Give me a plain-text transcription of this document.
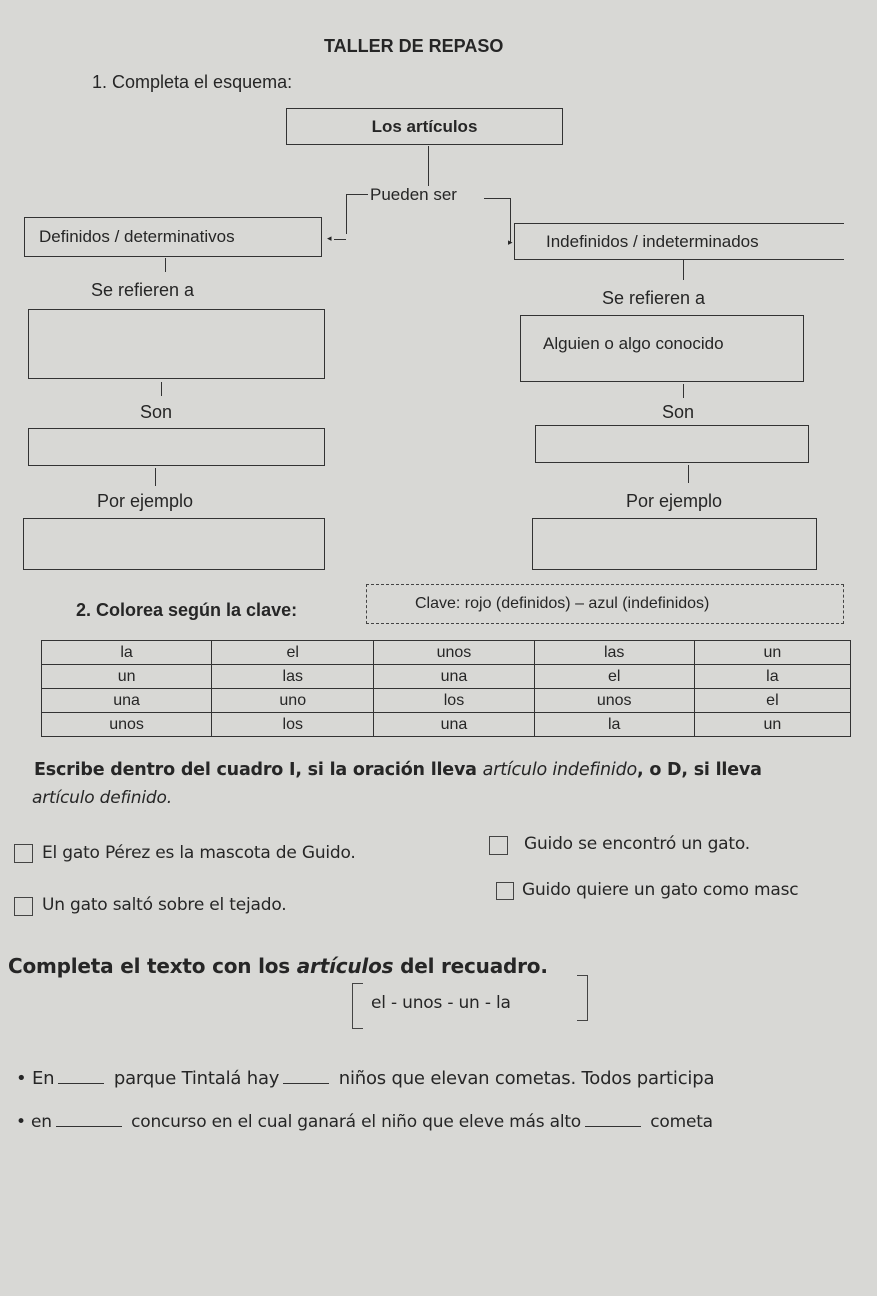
TALLER DE REPASO
1. Completa el esquema:
Los artículos
Pueden ser
◂	▸
Definidos / determinativos	Indefinidos / indeterminados
Se refieren a
Son
Por ejemplo
Se refieren a
Alguien o algo conocido
Son
Por ejemplo
2. Colorea según la clave:	Clave: rojo (definidos) – azul (indefinidos)
la	el	unos	las	un
un	las	una	el	la
una	uno	los	unos	el
unos	los	una	la	un
Escribe dentro del cuadro I, si la oración lleva artículo indefinido, o D, si lleva
artículo definido.
El gato Pérez es la mascota de Guido.	Guido se encontró un gato.
Un gato saltó sobre el tejado.
Guido quiere un gato como masc
Completa el texto con los artículos del recuadro.
el - unos - un - la
• En	parque Tintalá hay	niños que elevan cometas. Todos participa
• en	concurso en el cual ganará el niño que eleve más alto	cometa
